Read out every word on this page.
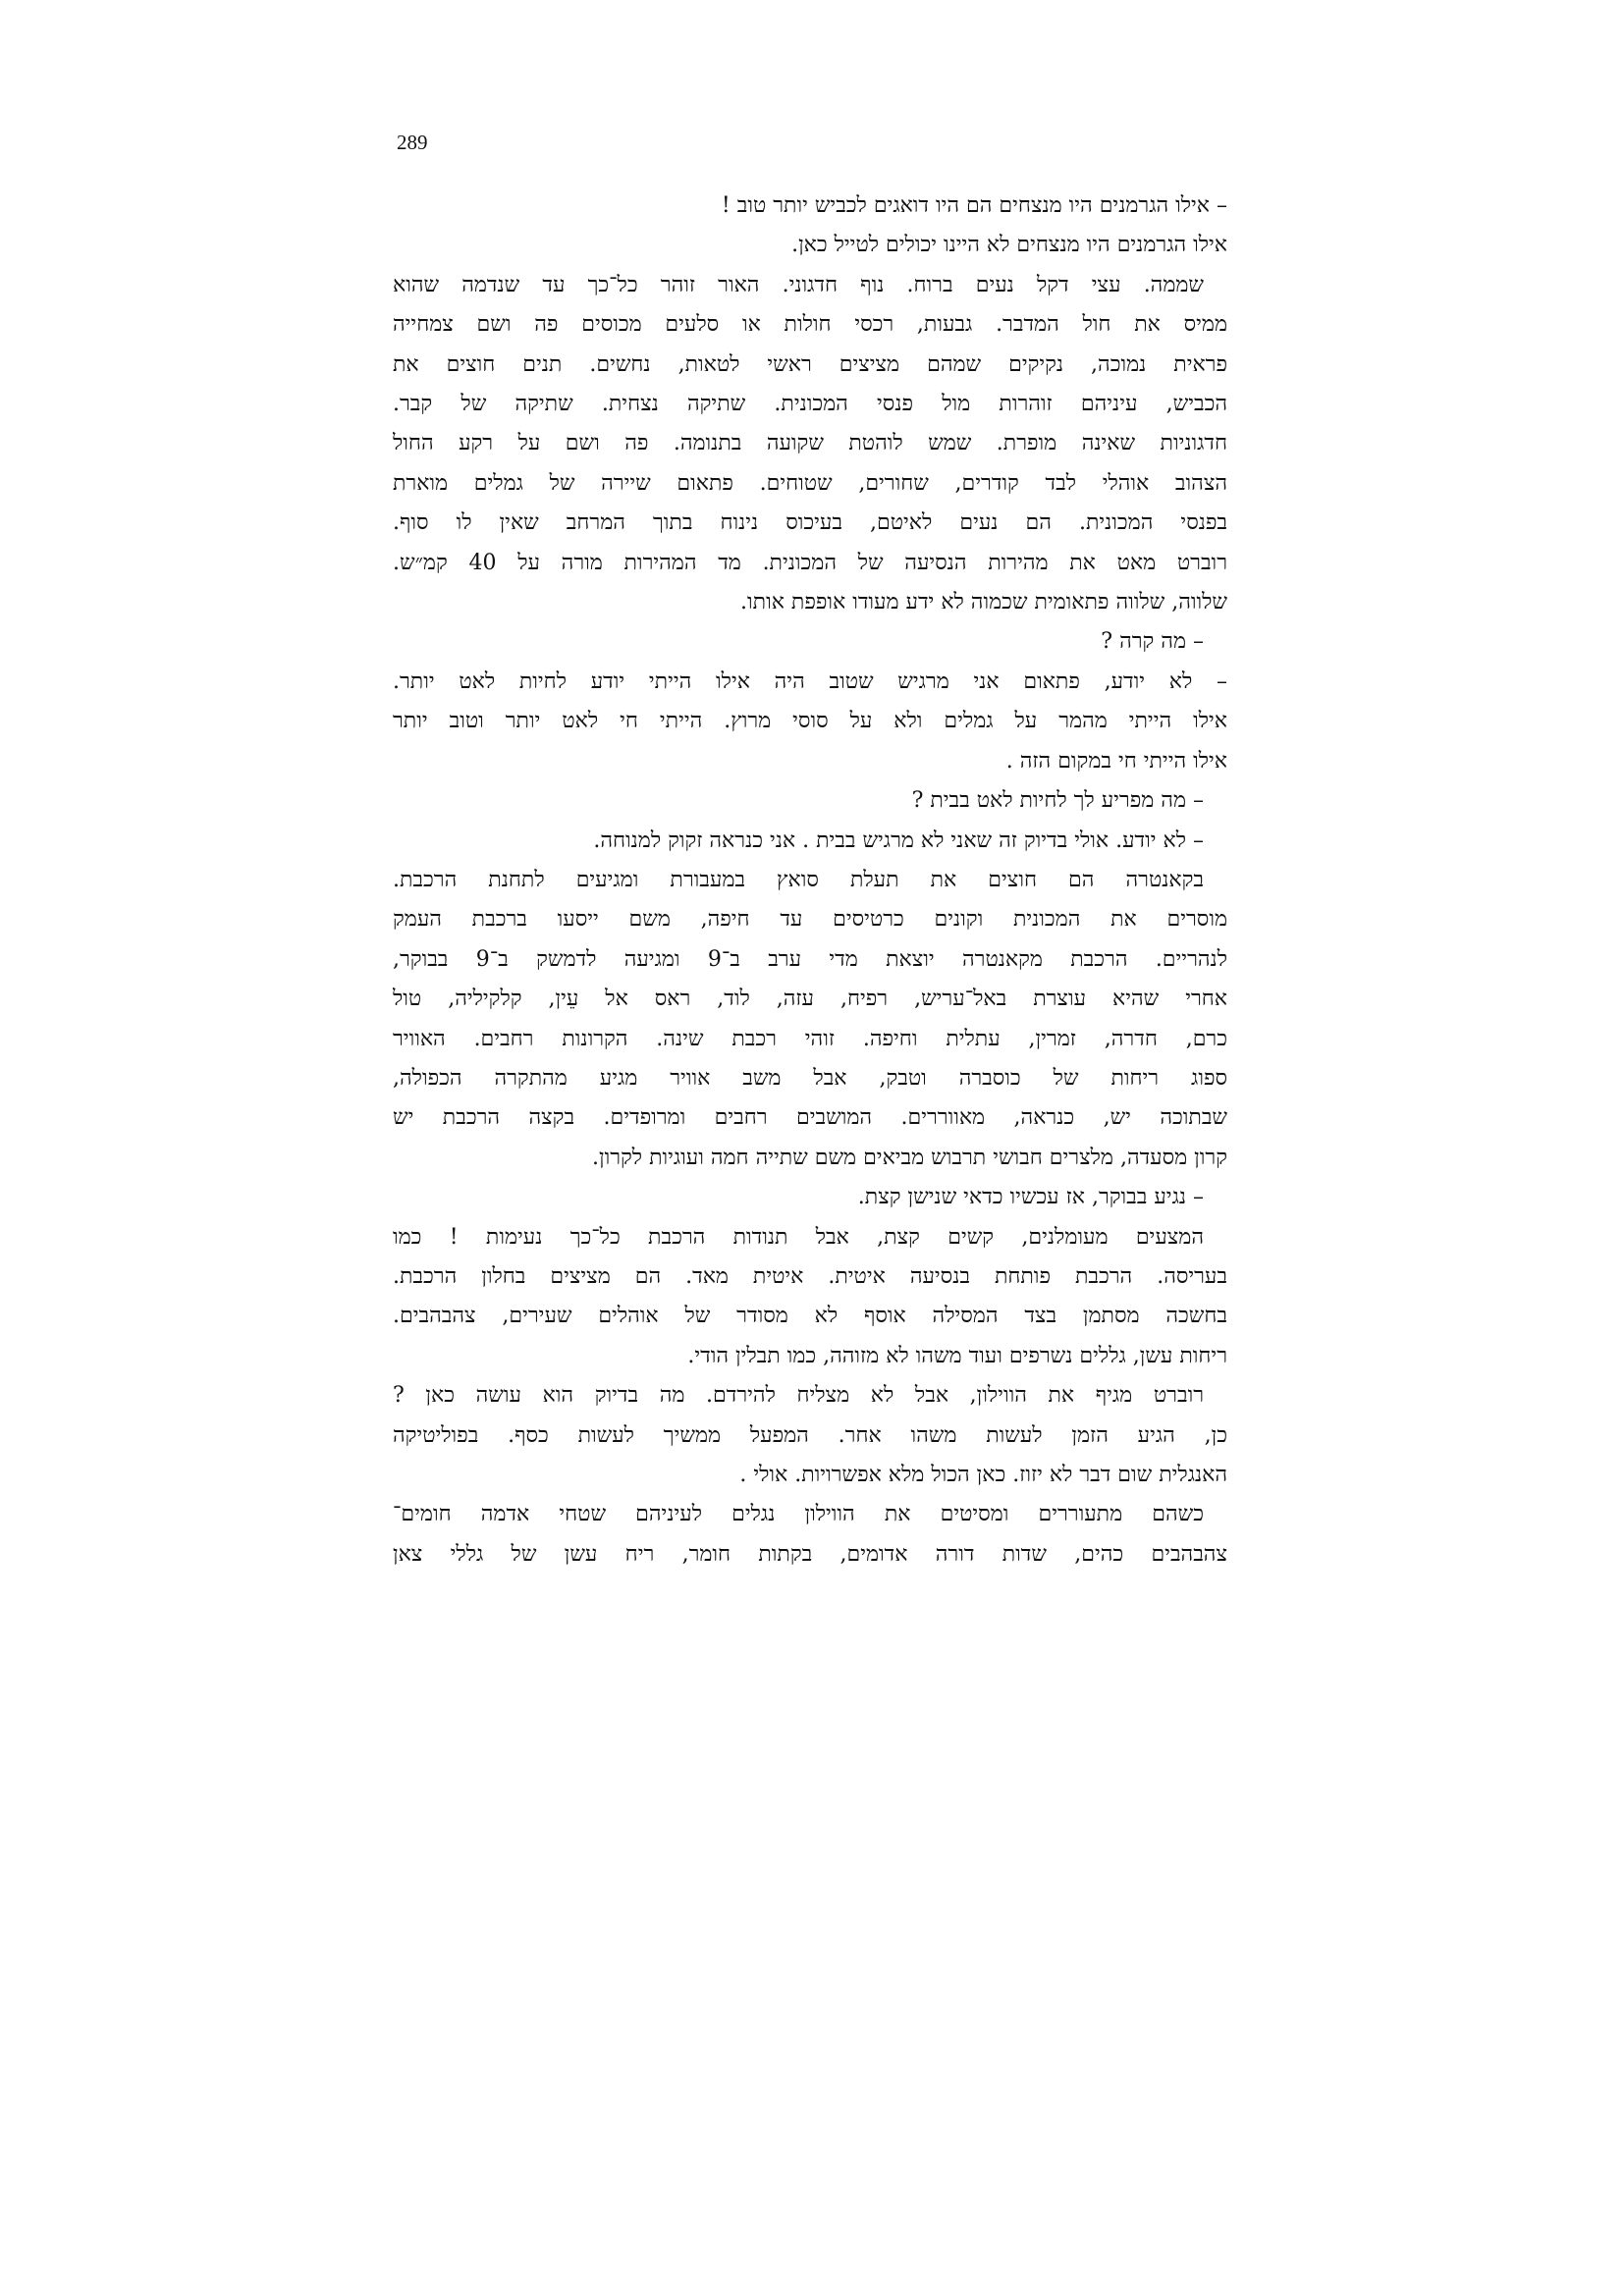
289
– אילו הגרמנים היו מנצחים הם היו דואגים לכביש יותר טוב !
אילו הגרמנים היו מנצחים לא היינו יכולים לטייל כאן.
שממה. עצי דקל נעים ברוח. נוף חדגוני. האור זוהר כל־כך עד שנדמה שהוא
ממיס את חול המדבר. גבעות, רכסי חולות או סלעים מכוסים פה ושם צמחייה
פראית נמוכה, נקיקים שמהם מציצים ראשי לטאות, נחשים. תנים חוצים את
הכביש, עיניהם זוהרות מול פנסי המכונית. שתיקה נצחית. שתיקה של קבר.
חדגוניות שאינה מופרת. שמש לוהטת שקועה בתנומה. פה ושם על רקע החול
הצהוב אוהלי לבד קודרים, שחורים, שטוחים. פתאום שיירה של גמלים מוארת
בפנסי המכונית. הם נעים לאיטם, בעיכוס נינוח בתוך המרחב שאין לו סוף.
רוברט מאט את מהירות הנסיעה של המכונית. מד המהירות מורה על 40 קמ״ש.
שלווה, שלווה פתאומית שכמוה לא ידע מעודו אופפת אותו.
– מה קרה ?
– לא יודע, פתאום אני מרגיש שטוב היה אילו הייתי יודע לחיות לאט יותר.
אילו הייתי מהמר על גמלים ולא על סוסי מרוץ. הייתי חי לאט יותר וטוב יותר
אילו הייתי חי במקום הזה .
– מה מפריע לך לחיות לאט בבית ?
– לא יודע. אולי בדיוק זה שאני לא מרגיש בבית . אני כנראה זקוק למנוחה.
בקאנטרה הם חוצים את תעלת סואץ במעבורת ומגיעים לתחנת הרכבת.
מוסרים את המכונית וקונים כרטיסים עד חיפה, משם ייסעו ברכבת העמק
לנהריים. הרכבת מקאנטרה יוצאת מדי ערב ב־9 ומגיעה לדמשק ב־9 בבוקר,
אחרי שהיא עוצרת באל־עריש, רפיח, עזה, לוד, ראס אל עֵין, קלקיליה, טול
כרם, חדרה, זמרין, עתלית וחיפה. זוהי רכבת שינה. הקרונות רחבים. האוויר
ספוג ריחות של כוסברה וטבק, אבל משב אוויר מגיע מהתקרה הכפולה,
שבתוכה יש, כנראה, מאווררים. המושבים רחבים ומרופדים. בקצה הרכבת יש
קרון מסעדה, מלצרים חבושי תרבוש מביאים משם שתייה חמה ועוגיות לקרון.
– נגיע בבוקר, אז עכשיו כדאי שנישן קצת.
המצעים מעומלנים, קשים קצת, אבל תנודות הרכבת כל־כך נעימות ! כמו
בעריסה. הרכבת פותחת בנסיעה איטית. איטית מאד. הם מציצים בחלון הרכבת.
בחשכה מסתמן בצד המסילה אוסף לא מסודר של אוהלים שעירים, צהבהבים.
ריחות עשן, גללים נשרפים ועוד משהו לא מזוהה, כמו תבלין הודי.
רוברט מגיף את הווילון, אבל לא מצליח להירדם. מה בדיוק הוא עושה כאן ?
כן, הגיע הזמן לעשות משהו אחר. המפעל ממשיך לעשות כסף. בפוליטיקה
האנגלית שום דבר לא יזוז. כאן הכול מלא אפשרויות. אולי .
כשהם מתעוררים ומסיטים את הווילון נגלים לעיניהם שטחי אדמה חומים־
צהבהבים כהים, שדות דורה אדומים, בקתות חומר, ריח עשן של גללי צאן
